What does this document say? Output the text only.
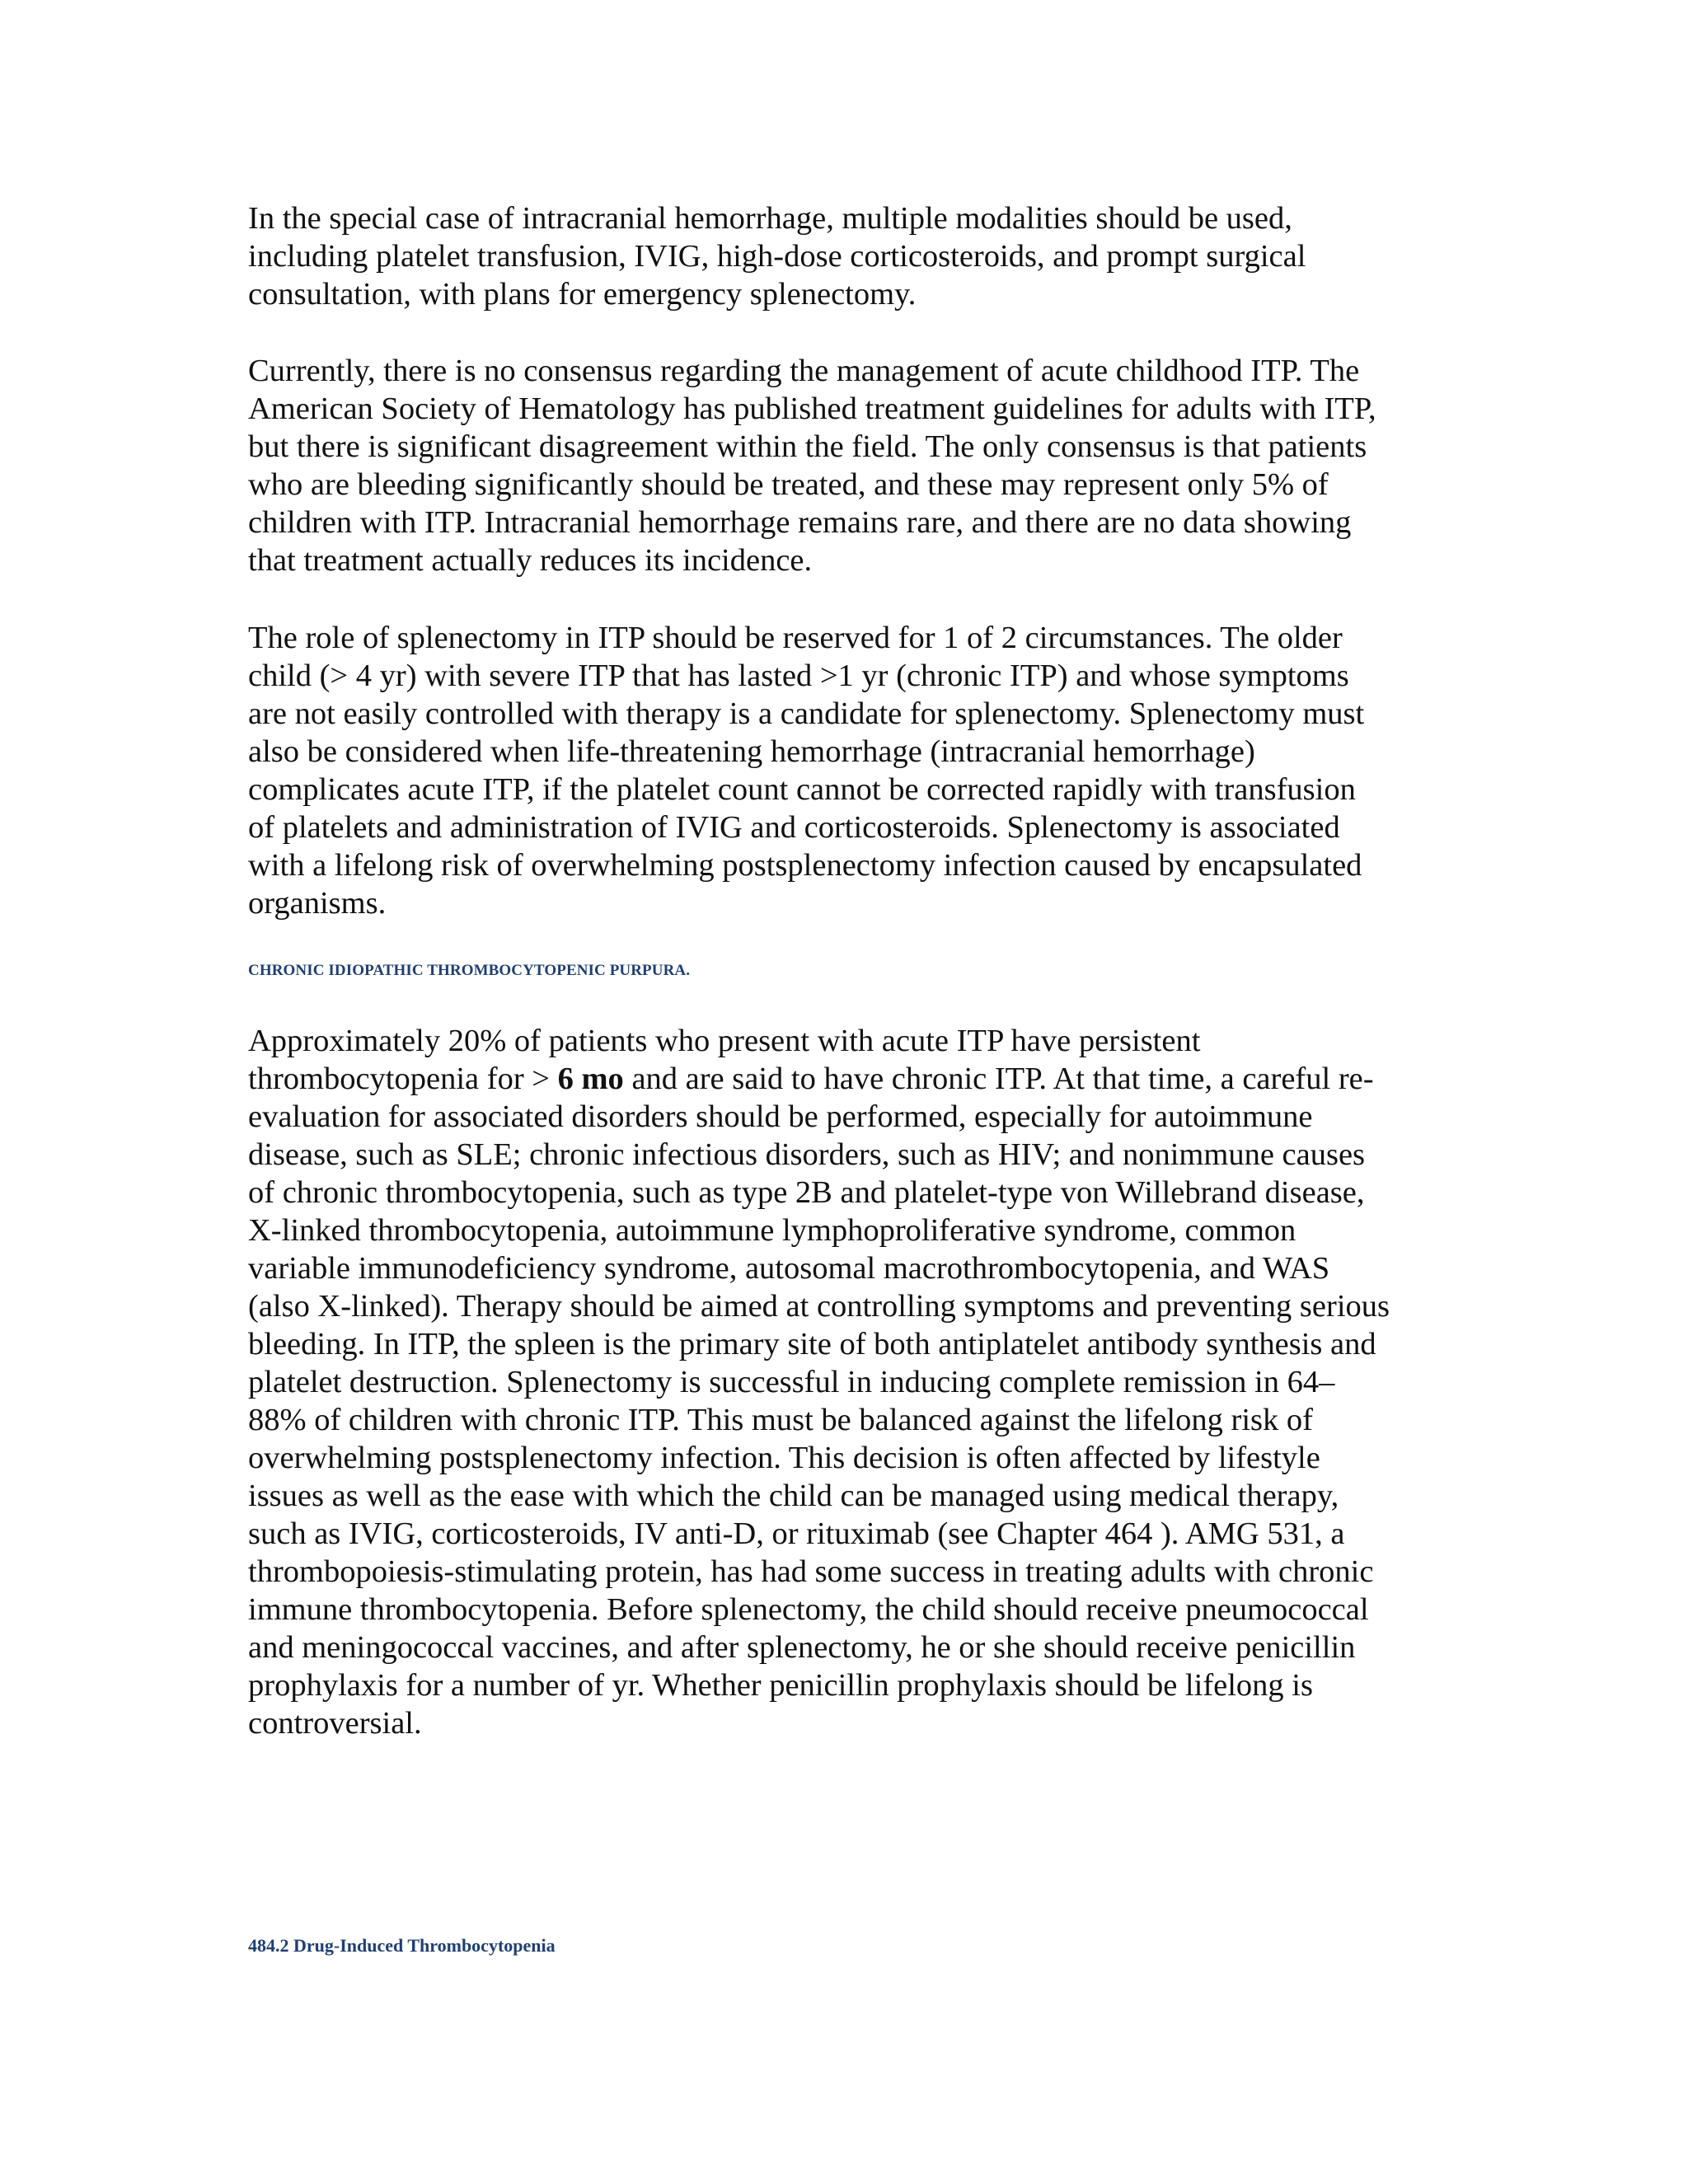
In the special case of intracranial hemorrhage, multiple modalities should be used,
including platelet transfusion, IVIG, high-dose corticosteroids, and prompt surgical
consultation, with plans for emergency splenectomy.

Currently, there is no consensus regarding the management of acute childhood ITP. The
American Society of Hematology has published treatment guidelines for adults with ITP,
but there is significant disagreement within the field. The only consensus is that patients
who are bleeding significantly should be treated, and these may represent only 5% of
children with ITP. Intracranial hemorrhage remains rare, and there are no data showing
that treatment actually reduces its incidence.

The role of splenectomy in ITP should be reserved for 1 of 2 circumstances. The older
child (> 4 yr) with severe ITP that has lasted >1 yr (chronic ITP) and whose symptoms
are not easily controlled with therapy is a candidate for splenectomy. Splenectomy must
also be considered when life-threatening hemorrhage (intracranial hemorrhage)
complicates acute ITP, if the platelet count cannot be corrected rapidly with transfusion
of platelets and administration of IVIG and corticosteroids. Splenectomy is associated
with a lifelong risk of overwhelming postsplenectomy infection caused by encapsulated
organisms.

CHRONIC IDIOPATHIC THROMBOCYTOPENIC PURPURA.

Approximately 20% of patients who present with acute ITP have persistent
thrombocytopenia for > 6 mo and are said to have chronic ITP. At that time, a careful re-
evaluation for associated disorders should be performed, especially for autoimmune
disease, such as SLE; chronic infectious disorders, such as HIV; and nonimmune causes
of chronic thrombocytopenia, such as type 2B and platelet-type von Willebrand disease,
X-linked thrombocytopenia, autoimmune lymphoproliferative syndrome, common
variable immunodeficiency syndrome, autosomal macrothrombocytopenia, and WAS
(also X-linked). Therapy should be aimed at controlling symptoms and preventing serious
bleeding. In ITP, the spleen is the primary site of both antiplatelet antibody synthesis and
platelet destruction. Splenectomy is successful in inducing complete remission in 64–
88% of children with chronic ITP. This must be balanced against the lifelong risk of
overwhelming postsplenectomy infection. This decision is often affected by lifestyle
issues as well as the ease with which the child can be managed using medical therapy,
such as IVIG, corticosteroids, IV anti-D, or rituximab (see Chapter 464 ). AMG 531, a
thrombopoiesis-stimulating protein, has had some success in treating adults with chronic
immune thrombocytopenia. Before splenectomy, the child should receive pneumococcal
and meningococcal vaccines, and after splenectomy, he or she should receive penicillin
prophylaxis for a number of yr. Whether penicillin prophylaxis should be lifelong is
controversial.

484.2 Drug-Induced Thrombocytopenia
